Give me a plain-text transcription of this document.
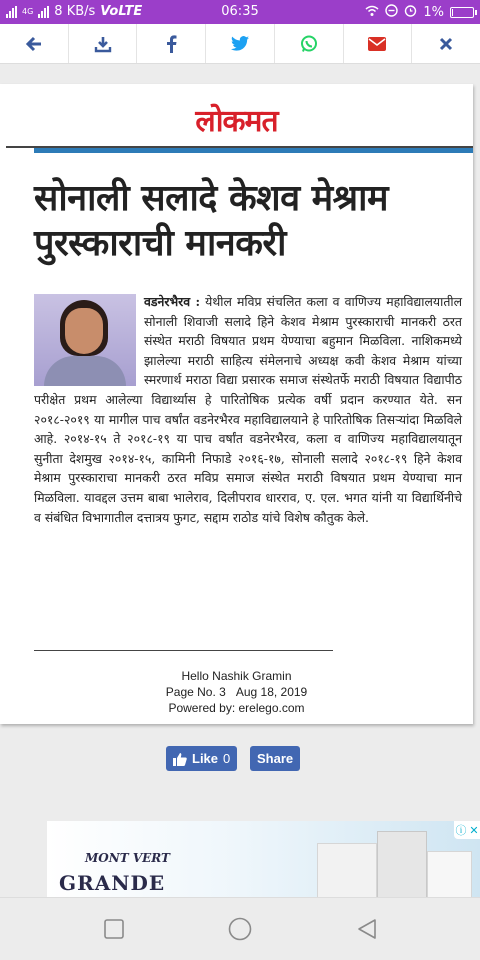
4G 8 KB/s VoLTE	06:35	1%
लोकमत
सोनाली सलादे केशव मेश्राम
पुरस्काराची मानकरी
वडनेरभैरव :
येथील मविप्र संचलित कला व वाणिज्य महाविद्यालयातील सोनाली शिवाजी सलादे हिने केशव मेश्राम पुरस्काराची मानकरी ठरत संस्थेत मराठी विषयात प्रथम येण्याचा बहुमान मिळविला. नाशिकमध्ये झालेल्या मराठी साहित्य संमेलनाचे अध्यक्ष कवी केशव मेश्राम यांच्या स्मरणार्थ मराठा विद्या प्रसारक समाज संस्थेतर्फे मराठी विषयात विद्यापीठ परीक्षेत प्रथम आलेल्या विद्यार्थ्यास हे पारितोषिक प्रत्येक वर्षी प्रदान करण्यात येते. सन २०१८-२०१९ या मागील पाच वर्षांत वडनेरभैरव महाविद्यालयाने हे पारितोषिक तिसऱ्यांदा मिळविले आहे. २०१४-१५ ते २०१८-१९ या पाच वर्षांत वडनेरभैरव, कला व वाणिज्य महाविद्यालयातून सुनीता देशमुख २०१४-१५, कामिनी निफाडे २०१६-१७, सोनाली सलादे २०१८-१९ हिने केशव मेश्राम पुरस्काराचा मानकरी ठरत मविप्र समाज संस्थेत मराठी विषयात प्रथम येण्याचा मान मिळविला. यावद्दल उत्तम बाबा भालेराव, दिलीपराव धारराव, ए. एल. भगत यांनी या विद्यार्थिनीचे व संबंधित विभागातील दत्तात्रय फुगट, सद्दाम राठोड यांचे विशेष कौतुक केले.
Hello Nashik Gramin
Page No. 3 Aug 18, 2019
Powered by: erelego.com
Like 0 Share
MONT VERT
GRANDE
ⓘ ✕
